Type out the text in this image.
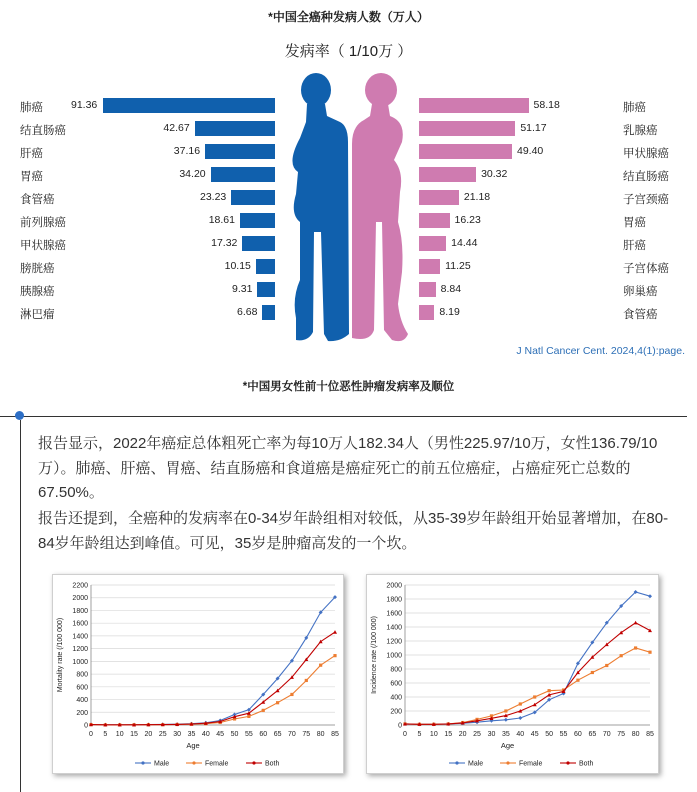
*中国全癌种发病人数（万人）
发病率（ 1/10万 ）
肺癌	91.36
结直肠癌	42.67
肝癌	37.16
胃癌	34.20
食管癌	23.23
前列腺癌	18.61
甲状腺癌	17.32
膀胱癌	10.15
胰腺癌	9.31
淋巴瘤	6.68
58.18	肺癌
51.17	乳腺癌
49.40	甲状腺癌
30.32	结直肠癌
21.18	子宫颈癌
16.23	胃癌
14.44	肝癌
11.25	子宫体癌
8.84	卵巢癌
8.19	食管癌
J Natl Cancer Cent. 2024,4(1):page.
*中国男女性前十位恶性肿瘤发病率及顺位
报告显示，2022年癌症总体粗死亡率为每10万人182.34人（男性225.97/10万，女性136.79/10万）。肺癌、肝癌、胃癌、结直肠癌和食道癌是癌症死亡的前五位癌症，占癌症死亡总数的 67.50%。
报告还提到，全癌种的发病率在0-34岁年龄组相对较低，从35-39岁年龄组开始显著增加，在80-84岁年龄组达到峰值。可见，35岁是肿瘤高发的一个坎。
0
200
400
600
800
1000
1200
1400
1600
1800
2000
2200
0 5 10 15 20 25 30 35 40 45 50 55 60 65 70 75 80 85
Age
Mortality rate (/100 000)
Male	Female	Both
0
200
400
600
800
1000
1200
1400
1600
1800
2000
0 5 10 15 20 25 30 35 40 45 50 55 60 65 70 75 80 85
Age
Incidence rate (/100 000)
Male	Female	Both
